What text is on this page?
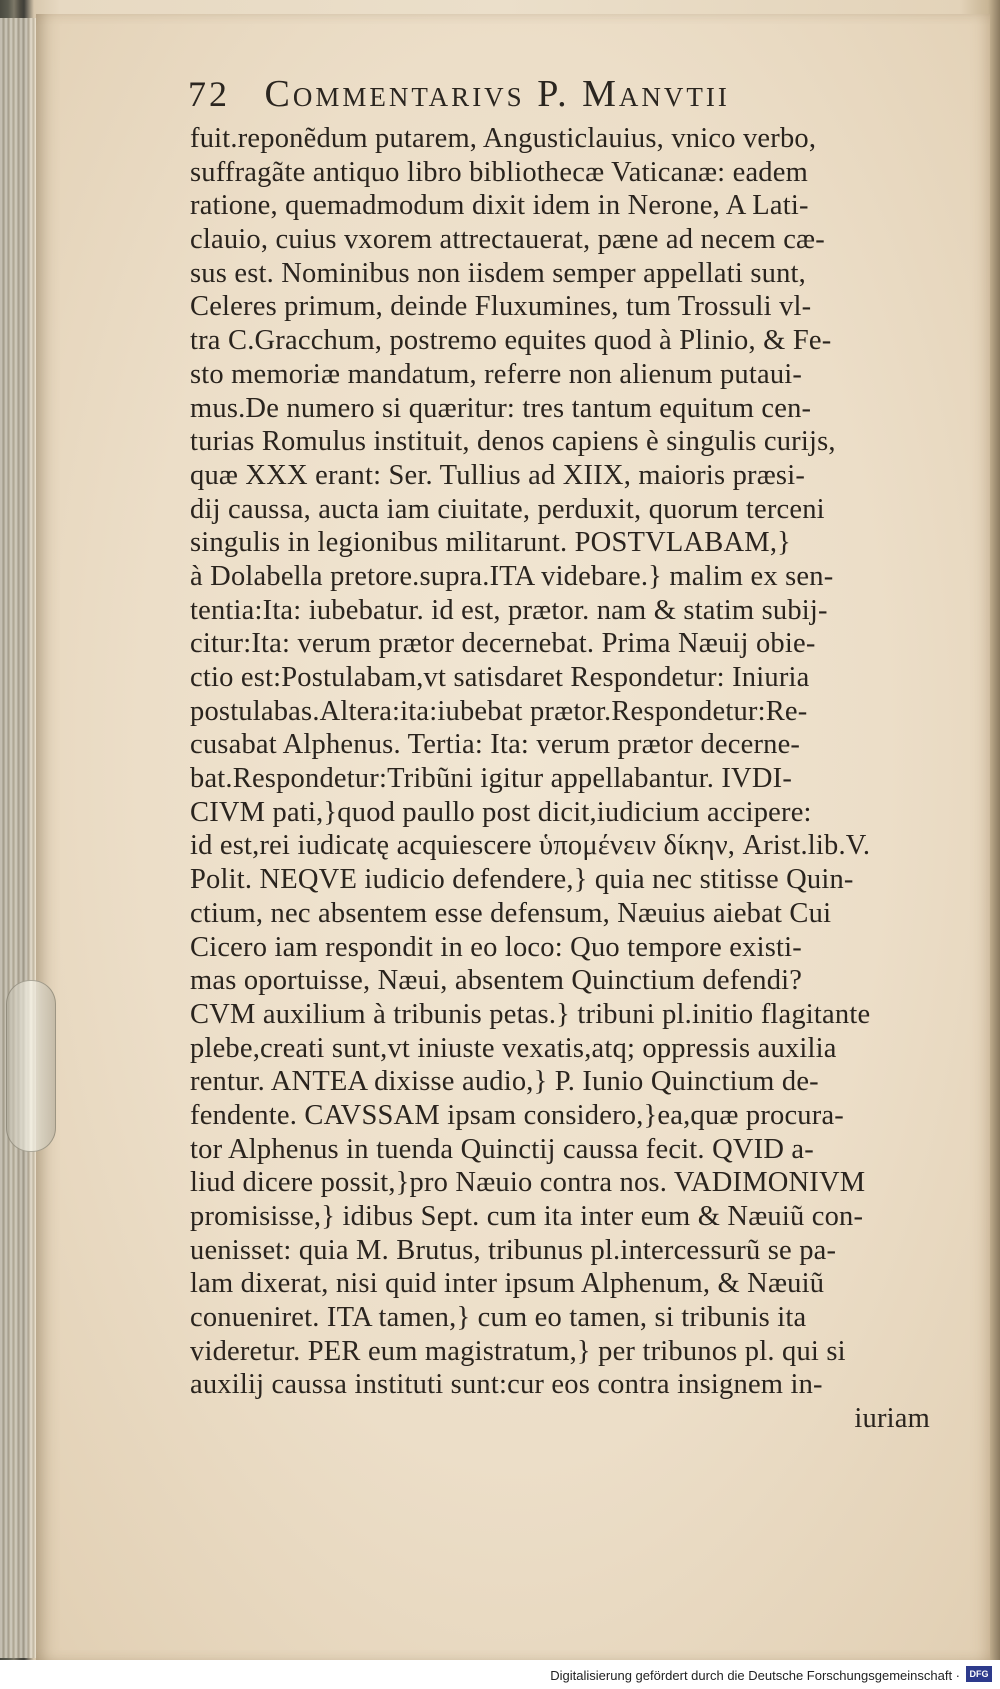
72 Commentarivs P. Manvtii
fuit.reponẽdum putarem, Angusticlauius, vnico verbo,
suffragãte antiquo libro bibliothecæ Vaticanæ: eadem
ratione, quemadmodum dixit idem in Nerone, A Lati-
clauio, cuius vxorem attrectauerat, pæne ad necem cæ-
sus est. Nominibus non iisdem semper appellati sunt,
Celeres primum, deinde Fluxumines, tum Trossuli vl-
tra C.Gracchum, postremo equites quod à Plinio, & Fe-
sto memoriæ mandatum, referre non alienum putaui-
mus.De numero si quæritur: tres tantum equitum cen-
turias Romulus instituit, denos capiens è singulis curijs,
quæ XXX erant: Ser. Tullius ad XIIX, maioris præsi-
dij caussa, aucta iam ciuitate, perduxit, quorum terceni
singulis in legionibus militarunt. POSTVLABAM,}
à Dolabella pretore.supra.ITA videbare.} malim ex sen-
tentia:Ita: iubebatur. id est, prætor. nam & statim subij-
citur:Ita: verum prætor decernebat. Prima Næuij obie-
ctio est:Postulabam,vt satisdaret Respondetur: Iniuria
postulabas.Altera:ita:iubebat prætor.Respondetur:Re-
cusabat Alphenus. Tertia: Ita: verum prætor decerne-
bat.Respondetur:Tribũni igitur appellabantur. IVDI-
CIVM pati,}quod paullo post dicit,iudicium accipere:
id est,rei iudicatę acquiescere ὑπομένειν δίκην, Arist.lib.V.
Polit. NEQVE iudicio defendere,} quia nec stitisse Quin-
ctium, nec absentem esse defensum, Næuius aiebat Cui
Cicero iam respondit in eo loco: Quo tempore existi-
mas oportuisse, Næui, absentem Quinctium defendi?
CVM auxilium à tribunis petas.} tribuni pl.initio flagitante
plebe,creati sunt,vt iniuste vexatis,atq; oppressis auxilia
rentur. ANTEA dixisse audio,} P. Iunio Quinctium de-
fendente. CAVSSAM ipsam considero,}ea,quæ procura-
tor Alphenus in tuenda Quinctij caussa fecit. QVID a-
liud dicere possit,}pro Næuio contra nos. VADIMONIVM
promisisse,} idibus Sept. cum ita inter eum & Næuiũ con-
uenisset: quia M. Brutus, tribunus pl.intercessurũ se pa-
lam dixerat, nisi quid inter ipsum Alphenum, & Næuiũ
conueniret. ITA tamen,} cum eo tamen, si tribunis ita
videretur. PER eum magistratum,} per tribunos pl. qui si
auxilij caussa instituti sunt:cur eos contra insignem in-
iuriam
Digitalisierung gefördert durch die Deutsche Forschungsgemeinschaft ·	DFG
